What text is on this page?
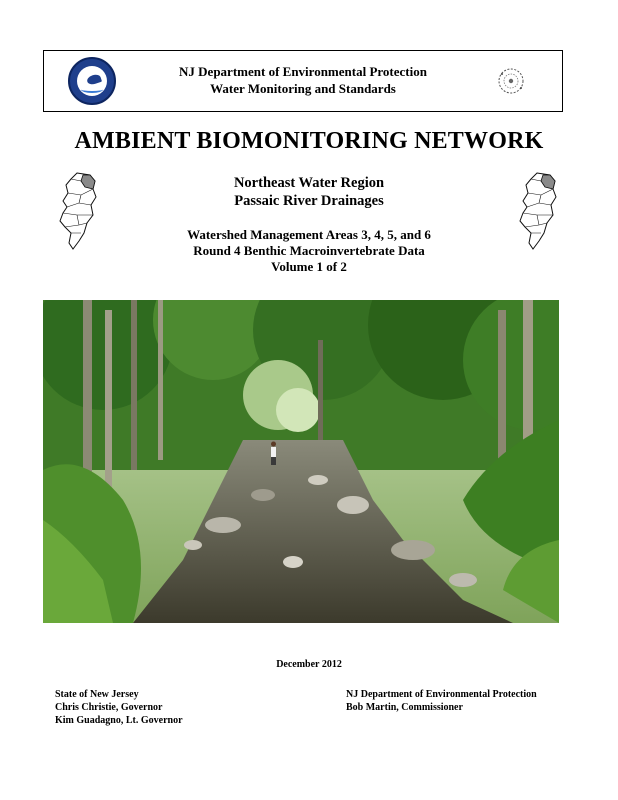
NJ Department of Environmental Protection
Water Monitoring and Standards
AMBIENT BIOMONITORING NETWORK
Northeast Water Region
Passaic River Drainages
Watershed Management Areas 3, 4, 5, and 6
Round 4 Benthic Macroinvertebrate Data
Volume 1 of 2
December 2012
State of New Jersey
Chris Christie, Governor
Kim Guadagno, Lt. Governor
NJ Department of Environmental Protection
Bob Martin, Commissioner
